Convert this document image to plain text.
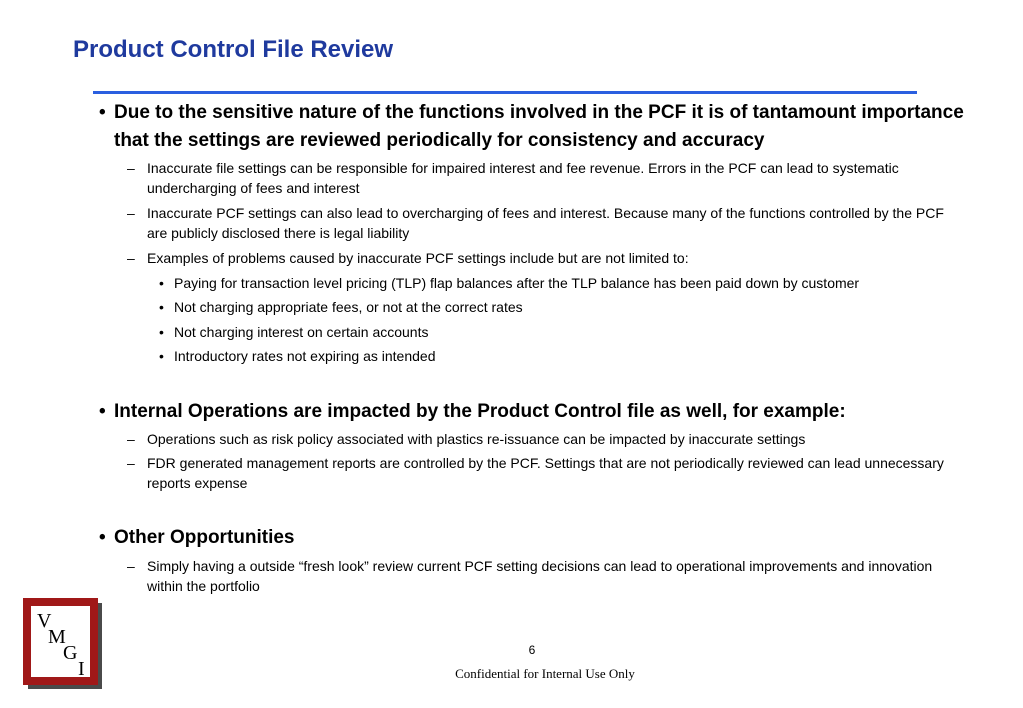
Product Control File Review
• Due to the sensitive nature of the functions involved in the PCF it is of tantamount importance that the settings are reviewed periodically for consistency and accuracy
– Inaccurate file settings can be responsible for impaired interest and fee revenue. Errors in the PCF can lead to systematic undercharging of fees and interest
– Inaccurate PCF settings can also lead to overcharging of fees and interest. Because many of the functions controlled by the PCF are publicly disclosed there is legal liability
– Examples of problems caused by inaccurate PCF settings include but are not limited to:
• Paying for transaction level pricing (TLP) flap balances after the TLP balance has been paid down by customer
• Not charging appropriate fees, or not at the correct rates
• Not charging interest on certain accounts
• Introductory rates not expiring as intended
• Internal Operations are impacted by the Product Control file as well, for example:
– Operations such as risk policy associated with plastics re-issuance can be impacted by inaccurate settings
– FDR generated management reports are controlled by the PCF. Settings that are not periodically reviewed can lead unnecessary reports expense
• Other Opportunities
– Simply having a outside “fresh look” review current PCF setting decisions can lead to operational improvements and innovation within the portfolio
V
M
G
I
6
Confidential for Internal Use Only
